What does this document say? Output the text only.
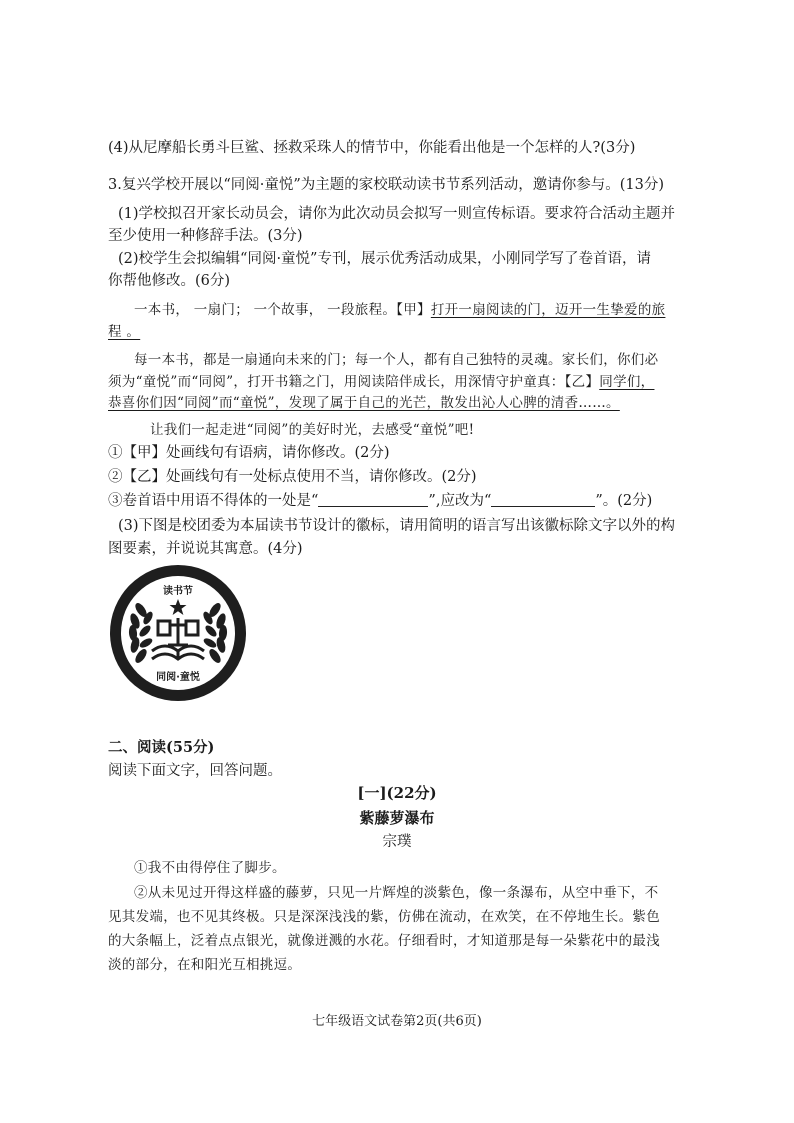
(4)从尼摩船长勇斗巨鲨、拯救采珠人的情节中，你能看出他是一个怎样的人?(3分)
3.复兴学校开展以“同阅·童悦”为主题的家校联动读书节系列活动，邀请你参与。(13分)
(1)学校拟召开家长动员会，请你为此次动员会拟写一则宣传标语。要求符合活动主题并
至少使用一种修辞手法。(3分)
(2)校学生会拟编辑“同阅·童悦”专刊，展示优秀活动成果，小刚同学写了卷首语，请
你帮他修改。(6分)
一本书， 一扇门； 一个故事， 一段旅程。【甲】打开一扇阅读的门，迈开一生挚爱的旅
程 。
每一本书，都是一扇通向未来的门；每一个人，都有自己独特的灵魂。家长们，你们必
须为“童悦”而“同阅”，打开书籍之门，用阅读陪伴成长，用深情守护童真：【乙】同学们，
恭喜你们因“同阅”而“童悦”，发现了属于自己的光芒，散发出沁人心脾的清香……。
让我们一起走进“同阅”的美好时光，去感受“童悦”吧!
①【甲】处画线句有语病，请你修改。(2分)
②【乙】处画线句有一处标点使用不当，请你修改。(2分)
③卷首语中用语不得体的一处是“	”,应改为“	”。(2分)
(3)下图是校团委为本届读书节设计的徽标，请用简明的语言写出该徽标除文字以外的构
图要素，并说说其寓意。(4分)
读书节
同阅·童悦
二、阅读(55分)
阅读下面文字，回答问题。
[一](22分)
紫藤萝瀑布
宗璞
①我不由得停住了脚步。
②从未见过开得这样盛的藤萝，只见一片辉煌的淡紫色，像一条瀑布，从空中垂下，不
见其发端，也不见其终极。只是深深浅浅的紫，仿佛在流动，在欢笑，在不停地生长。紫色
的大条幅上，泛着点点银光，就像迸溅的水花。仔细看时，才知道那是每一朵紫花中的最浅
淡的部分，在和阳光互相挑逗。
七年级语文试卷第2页(共6页)
